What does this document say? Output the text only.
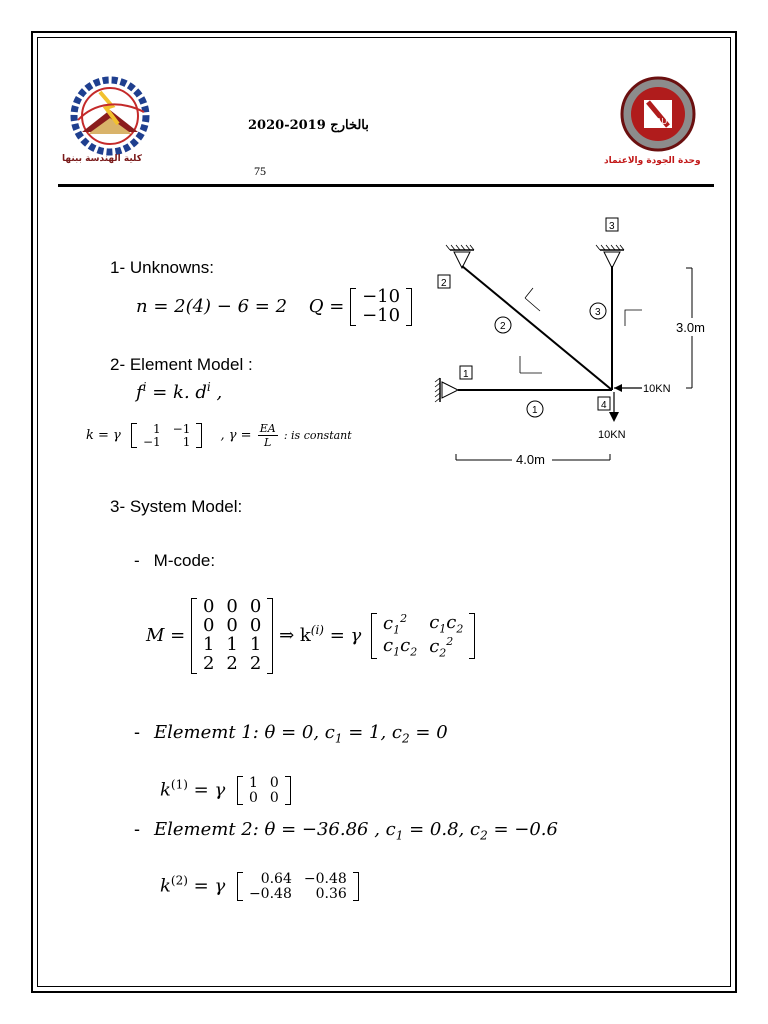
كلية الهندسة ببنها
بالخارج 2019-2020
75
QAU
وحدة الجودة والاعتماد
1- Unknowns:
n = 2(4) − 6 = 2 Q = −10
−10
2- Element Model :
$f^i = k$. $d^i$ ,
k = γ	1	−1
−1	1 , $\gamma = \frac{EA}{L}$ : is constant
3
2
1
4
1
2
3
10KN
10KN
3.0m
4.0m
3- System Model:
- M-code:
M =
0	0	0
0	0	0
1	1	1
2	2	2
⇒ $k^{(i)} = \gamma$
$c_1^2$	$c_1c_2$
$c_1c_2$	$c_2^2$
- Elememt 1: θ = 0, $c_1 = 1$, $c_2 = 0$
$k^{(1)} = \gamma$ 1	0
0	0
- Elememt 2: θ = −36.86 , $c_1 = 0.8$, $c_2 = -0.6$
$k^{(2)} = \gamma$	0.64	−0.48
−0.48	0.36
